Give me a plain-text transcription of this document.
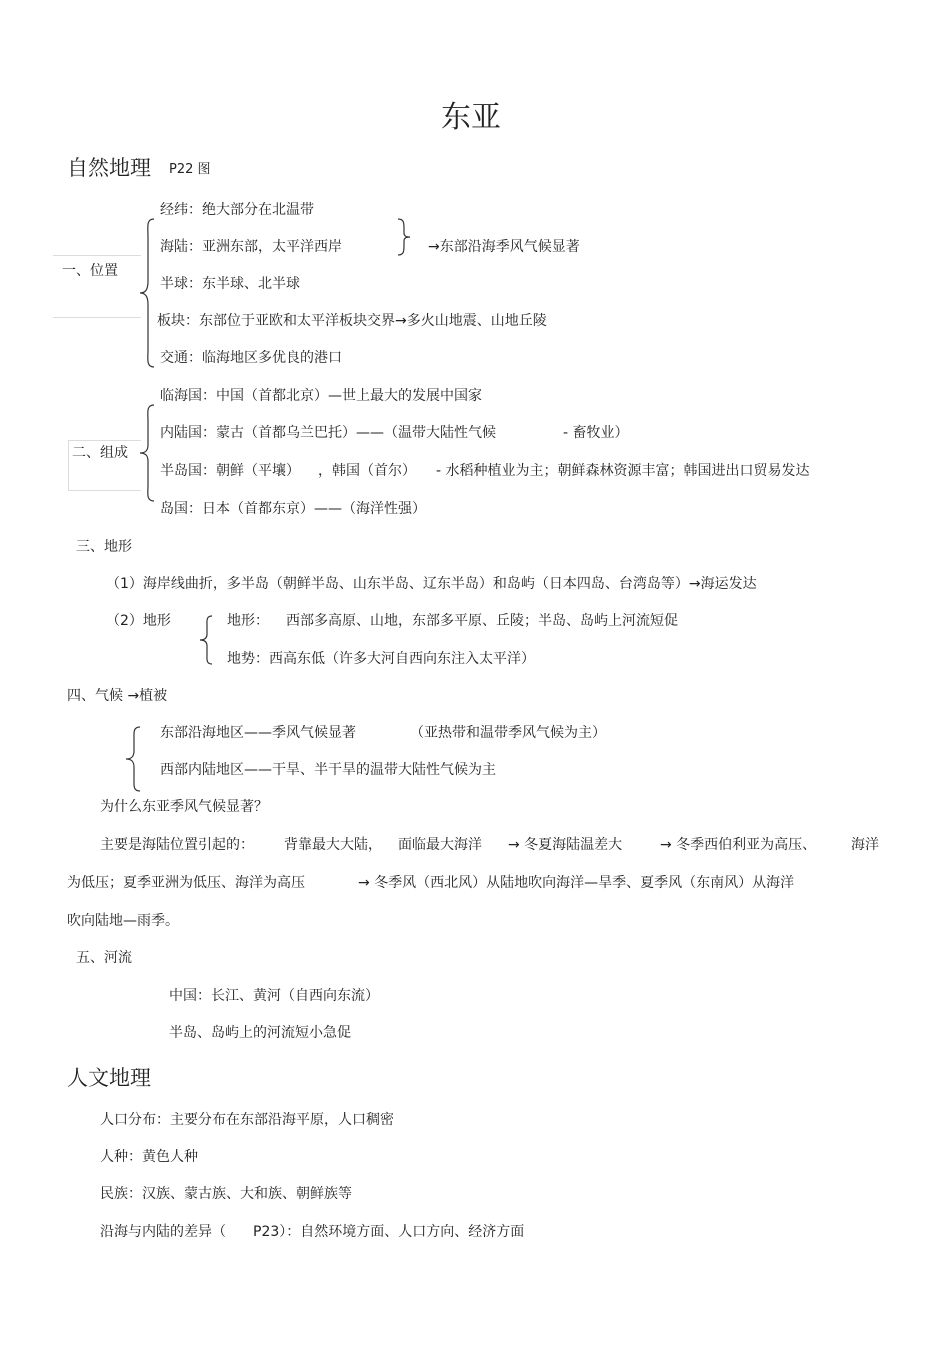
东亚
自然地理 P22 图
一、位置
经纬：绝大部分在北温带
海陆：亚洲东部，太平洋西岸	→东部沿海季风气候显著
半球：东半球、北半球
板块：东部位于亚欧和太平洋板块交界→多火山地震、山地丘陵
交通：临海地区多优良的港口
二、组成
临海国：中国（首都北京）—世上最大的发展中国家
内陆国：蒙古（首都乌兰巴托）——（温带大陆性气候	- 畜牧业）
半岛国：朝鲜（平壤） ，韩国（首尔） - 水稻种植业为主；朝鲜森林资源丰富；韩国进出口贸易发达
岛国：日本（首都东京）——（海洋性强）
三、地形
（1）海岸线曲折，多半岛（朝鲜半岛、山东半岛、辽东半岛）和岛屿（日本四岛、台湾岛等）→海运发达
（2）地形	地形： 西部多高原、山地，东部多平原、丘陵；半岛、岛屿上河流短促
地势：西高东低（许多大河自西向东注入太平洋）
四、气候 →植被
东部沿海地区——季风气候显著	（亚热带和温带季风气候为主）
西部内陆地区——干旱、半干旱的温带大陆性气候为主
为什么东亚季风气候显著？
主要是海陆位置引起的： 背靠最大大陆， 面临最大海洋 → 冬夏海陆温差大	→ 冬季西伯利亚为高压、 海洋
为低压；夏季亚洲为低压、海洋为高压	→ 冬季风（西北风）从陆地吹向海洋—旱季、夏季风（东南风）从海洋
吹向陆地—雨季。
五、河流
中国：长江、黄河（自西向东流）
半岛、岛屿上的河流短小急促
人文地理
人口分布：主要分布在东部沿海平原，人口稠密
人种：黄色人种
民族：汉族、蒙古族、大和族、朝鲜族等
沿海与内陆的差异（ P23）：自然环境方面、人口方向、经济方面
